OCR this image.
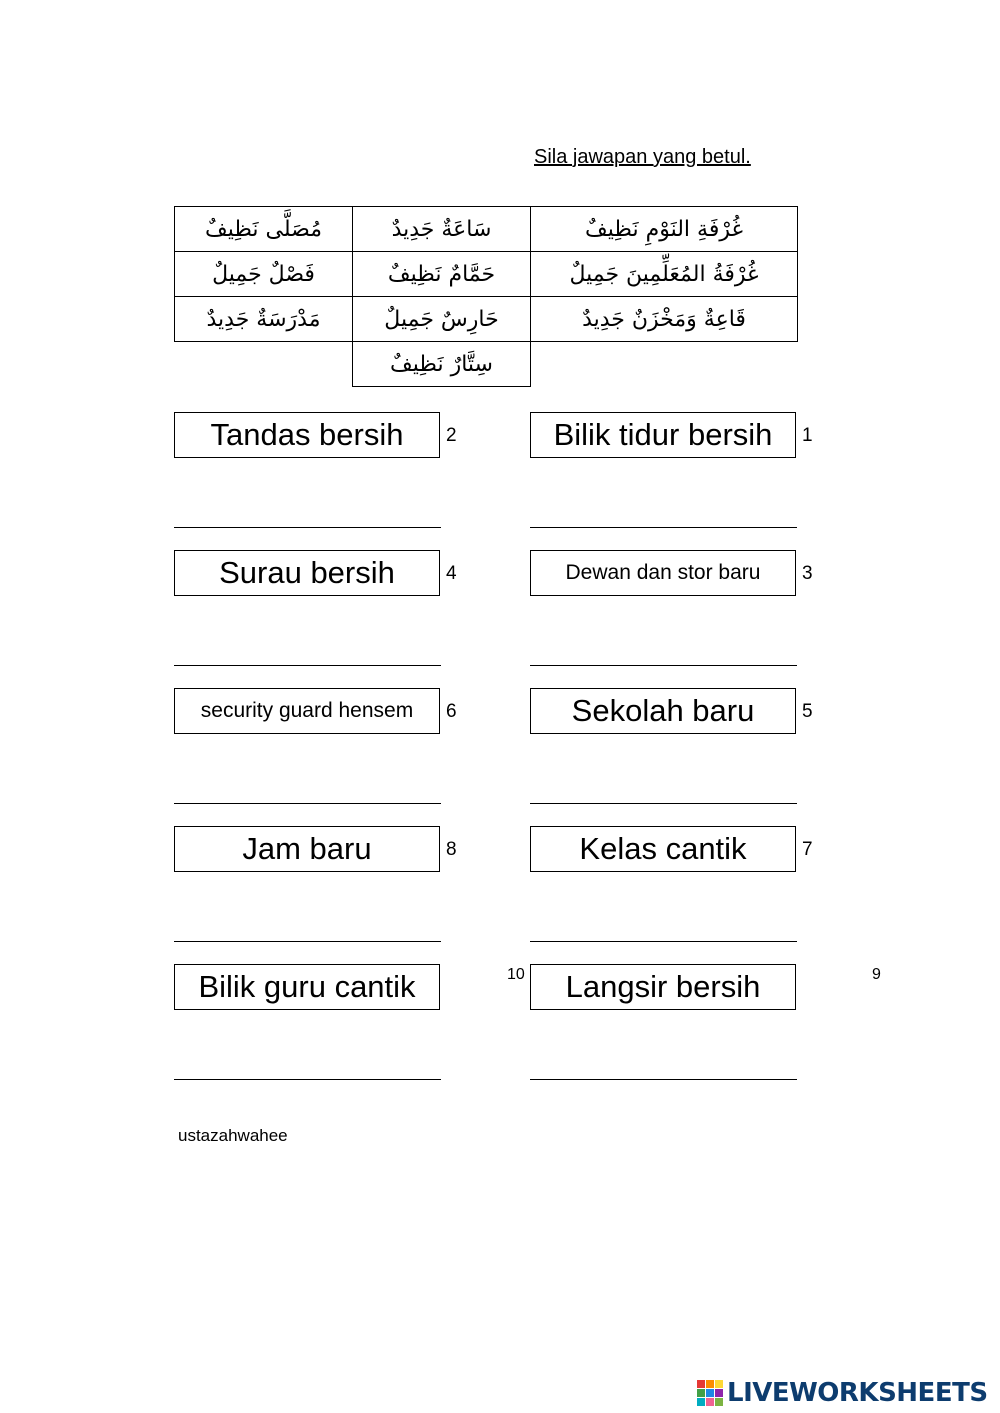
Sila jawapan yang betul.
مُصَلَّى نَظِيفٌ	سَاعَةٌ جَدِيدٌ	غُرْفَةِ النَوْمِ نَظِيفٌ
فَصْلٌ جَمِيلٌ	حَمَّامٌ نَظِيفٌ	غُرْفَةُ المُعَلِّمِينَ جَمِيلٌ
مَدْرَسَةٌ جَدِيدٌ	حَارِسٌ جَمِيلٌ	قَاعِةٌ وَمَخْزَنٌ جَدِيدٌ
	سِتَّارٌ نَظِيفٌ	
Tandas bersih	2	Bilik tidur bersih	1
Surau bersih	4	Dewan dan stor baru	3
security guard hensem	6	Sekolah baru	5
Jam baru	8	Kelas cantik	7
Bilik guru cantik	10	Langsir bersih	9
ustazahwahee
LIVEWORKSHEETS
